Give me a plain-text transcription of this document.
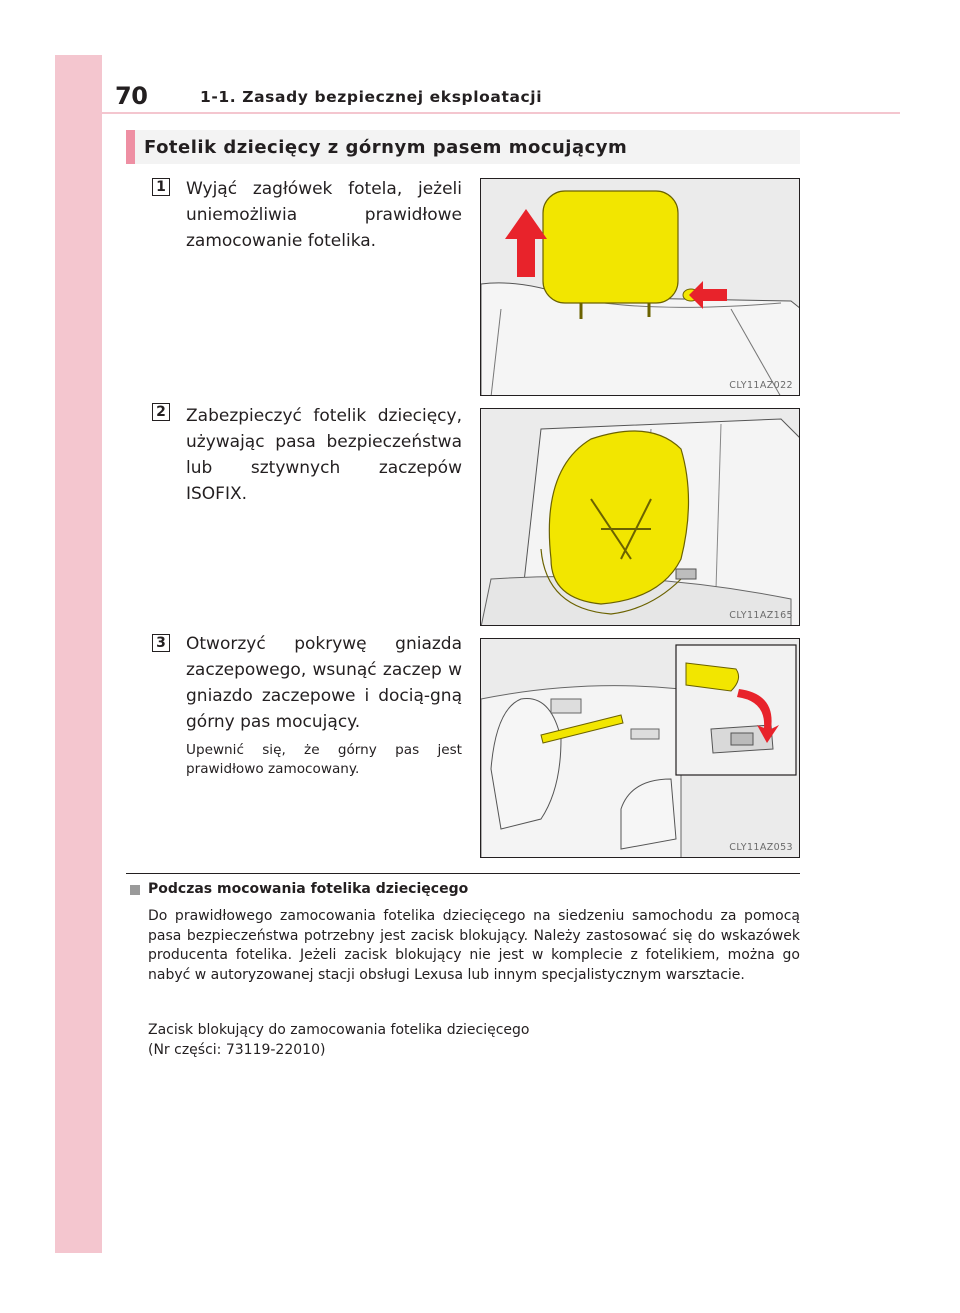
70	1-1. Zasady bezpiecznej eksploatacji
Fotelik dziecięcy z górnym pasem mocującym
1 Wyjąć zagłówek fotela, jeżeli uniemożliwia prawidłowe zamocowanie fotelika.
CLY11AZ022
2 Zabezpieczyć fotelik dziecięcy, używając pasa bezpieczeństwa lub sztywnych zaczepów ISOFIX.
CLY11AZ165
3 Otworzyć pokrywę gniazda zaczepowego, wsunąć zaczep w gniazdo zaczepowe i docią-gną górny pas mocujący.
Upewnić się, że górny pas jest prawidłowo zamocowany.
CLY11AZ053
Podczas mocowania fotelika dziecięcego
Do prawidłowego zamocowania fotelika dziecięcego na siedzeniu samochodu za pomocą pasa bezpieczeństwa potrzebny jest zacisk blokujący. Należy zastosować się do wskazówek producenta fotelika. Jeżeli zacisk blokujący nie jest w komplecie z fotelikiem, można go nabyć w autoryzowanej stacji obsługi Lexusa lub innym specjalistycznym warsztacie.
Zacisk blokujący do zamocowania fotelika dziecięcego
(Nr części: 73119-22010)
